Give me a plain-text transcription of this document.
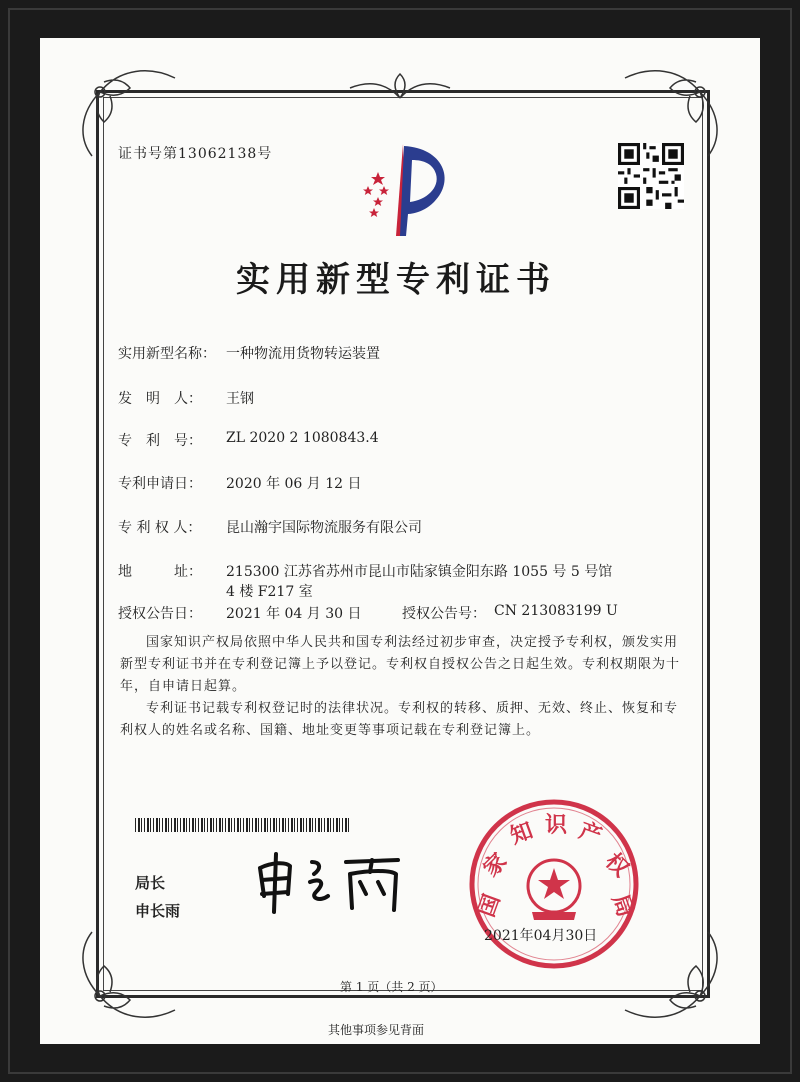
证书号第13062138号
实用新型专利证书
实用新型名称： 一种物流用货物转运装置
发　明　人： 王钢
专　利　号： ZL 2020 2 1080843.4
专利申请日： 2020 年 06 月 12 日
专 利 权 人： 昆山瀚宇国际物流服务有限公司
地　　　址： 215300 江苏省苏州市昆山市陆家镇金阳东路 1055 号 5 号馆
4 楼 F217 室
授权公告日： 2021 年 04 月 30 日	授权公告号： CN 213083199 U
国家知识产权局依照中华人民共和国专利法经过初步审查，决定授予专利权，颁发实用新型专利证书并在专利登记簿上予以登记。专利权自授权公告之日起生效。专利权期限为十年，自申请日起算。
专利证书记载专利权登记时的法律状况。专利权的转移、质押、无效、终止、恢复和专利权人的姓名或名称、国籍、地址变更等事项记载在专利登记簿上。
局长
申长雨	国
家
知 识 产
权
局
2021年04月30日
第 1 页（共 2 页）
其他事项参见背面
